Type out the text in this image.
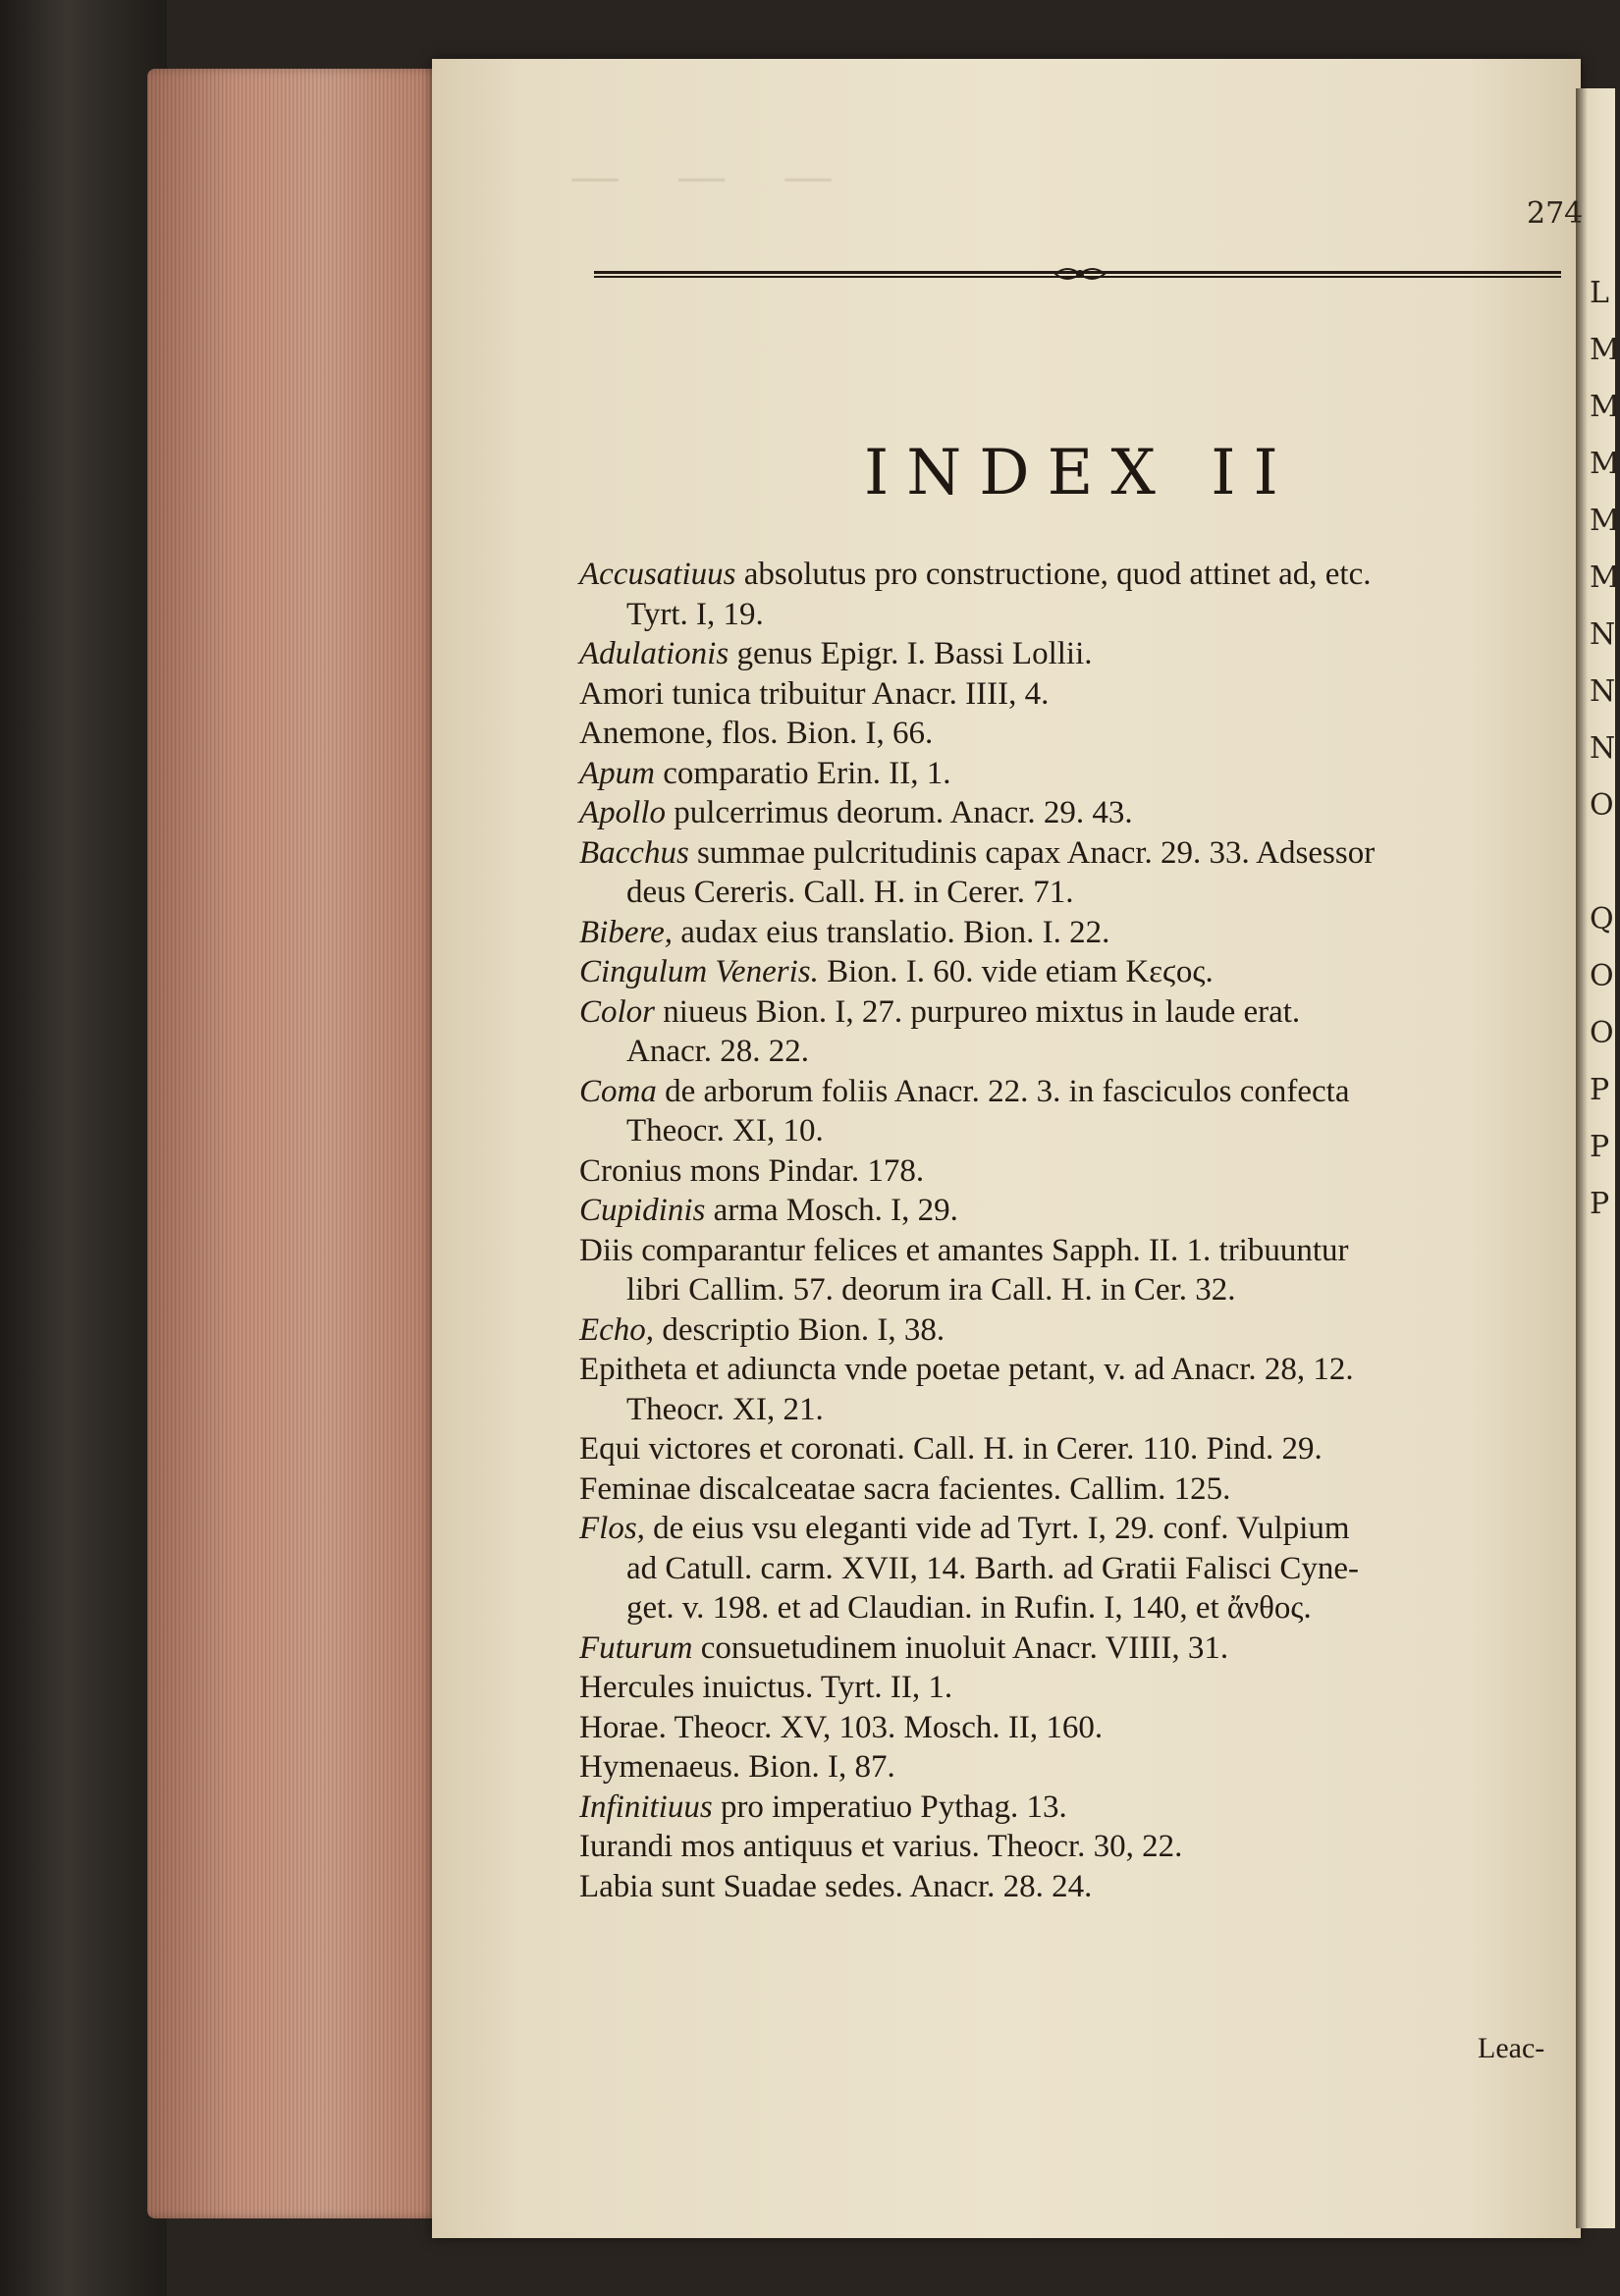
— — —
L
M
M
M
M
M
N
N
N
O
Q
O
O
P
P
P
274
INDEX II

Accusatiuus absolutus pro constructione, quod attinet ad, etc.

Tyrt. I, 19.

Adulationis genus Epigr. I. Bassi Lollii.

Amori tunica tribuitur Anacr. IIII, 4.

Anemone, flos. Bion. I, 66.

Apum comparatio Erin. II, 1.

Apollo pulcerrimus deorum. Anacr. 29. 43.

Bacchus summae pulcritudinis capax Anacr. 29. 33. Adsessor

deus Cereris. Call. H. in Cerer. 71.

Bibere, audax eius translatio. Bion. I. 22.

Cingulum Veneris. Bion. I. 60. vide etiam Κεϛος.

Color niueus Bion. I, 27. purpureo mixtus in laude erat.

Anacr. 28. 22.

Coma de arborum foliis Anacr. 22. 3. in fasciculos confecta

Theocr. XI, 10.

Cronius mons Pindar. 178.

Cupidinis arma Mosch. I, 29.

Diis comparantur felices et amantes Sapph. II. 1. tribuuntur

libri Callim. 57. deorum ira Call. H. in Cer. 32.

Echo, descriptio Bion. I, 38.

Epitheta et adiuncta vnde poetae petant, v. ad Anacr. 28, 12.

Theocr. XI, 21.

Equi victores et coronati. Call. H. in Cerer. 110. Pind. 29.

Feminae discalceatae sacra facientes. Callim. 125.

Flos, de eius vsu eleganti vide ad Tyrt. I, 29. conf. Vulpium

ad Catull. carm. XVII, 14. Barth. ad Gratii Falisci Cyne-

get. v. 198. et ad Claudian. in Rufin. I, 140, et ἄνθος.

Futurum consuetudinem inuoluit Anacr. VIIII, 31.

Hercules inuictus. Tyrt. II, 1.

Horae. Theocr. XV, 103. Mosch. II, 160.

Hymenaeus. Bion. I, 87.

Infinitiuus pro imperatiuo Pythag. 13.

Iurandi mos antiquus et varius. Theocr. 30, 22.

Labia sunt Suadae sedes. Anacr. 28. 24.

Leac-
